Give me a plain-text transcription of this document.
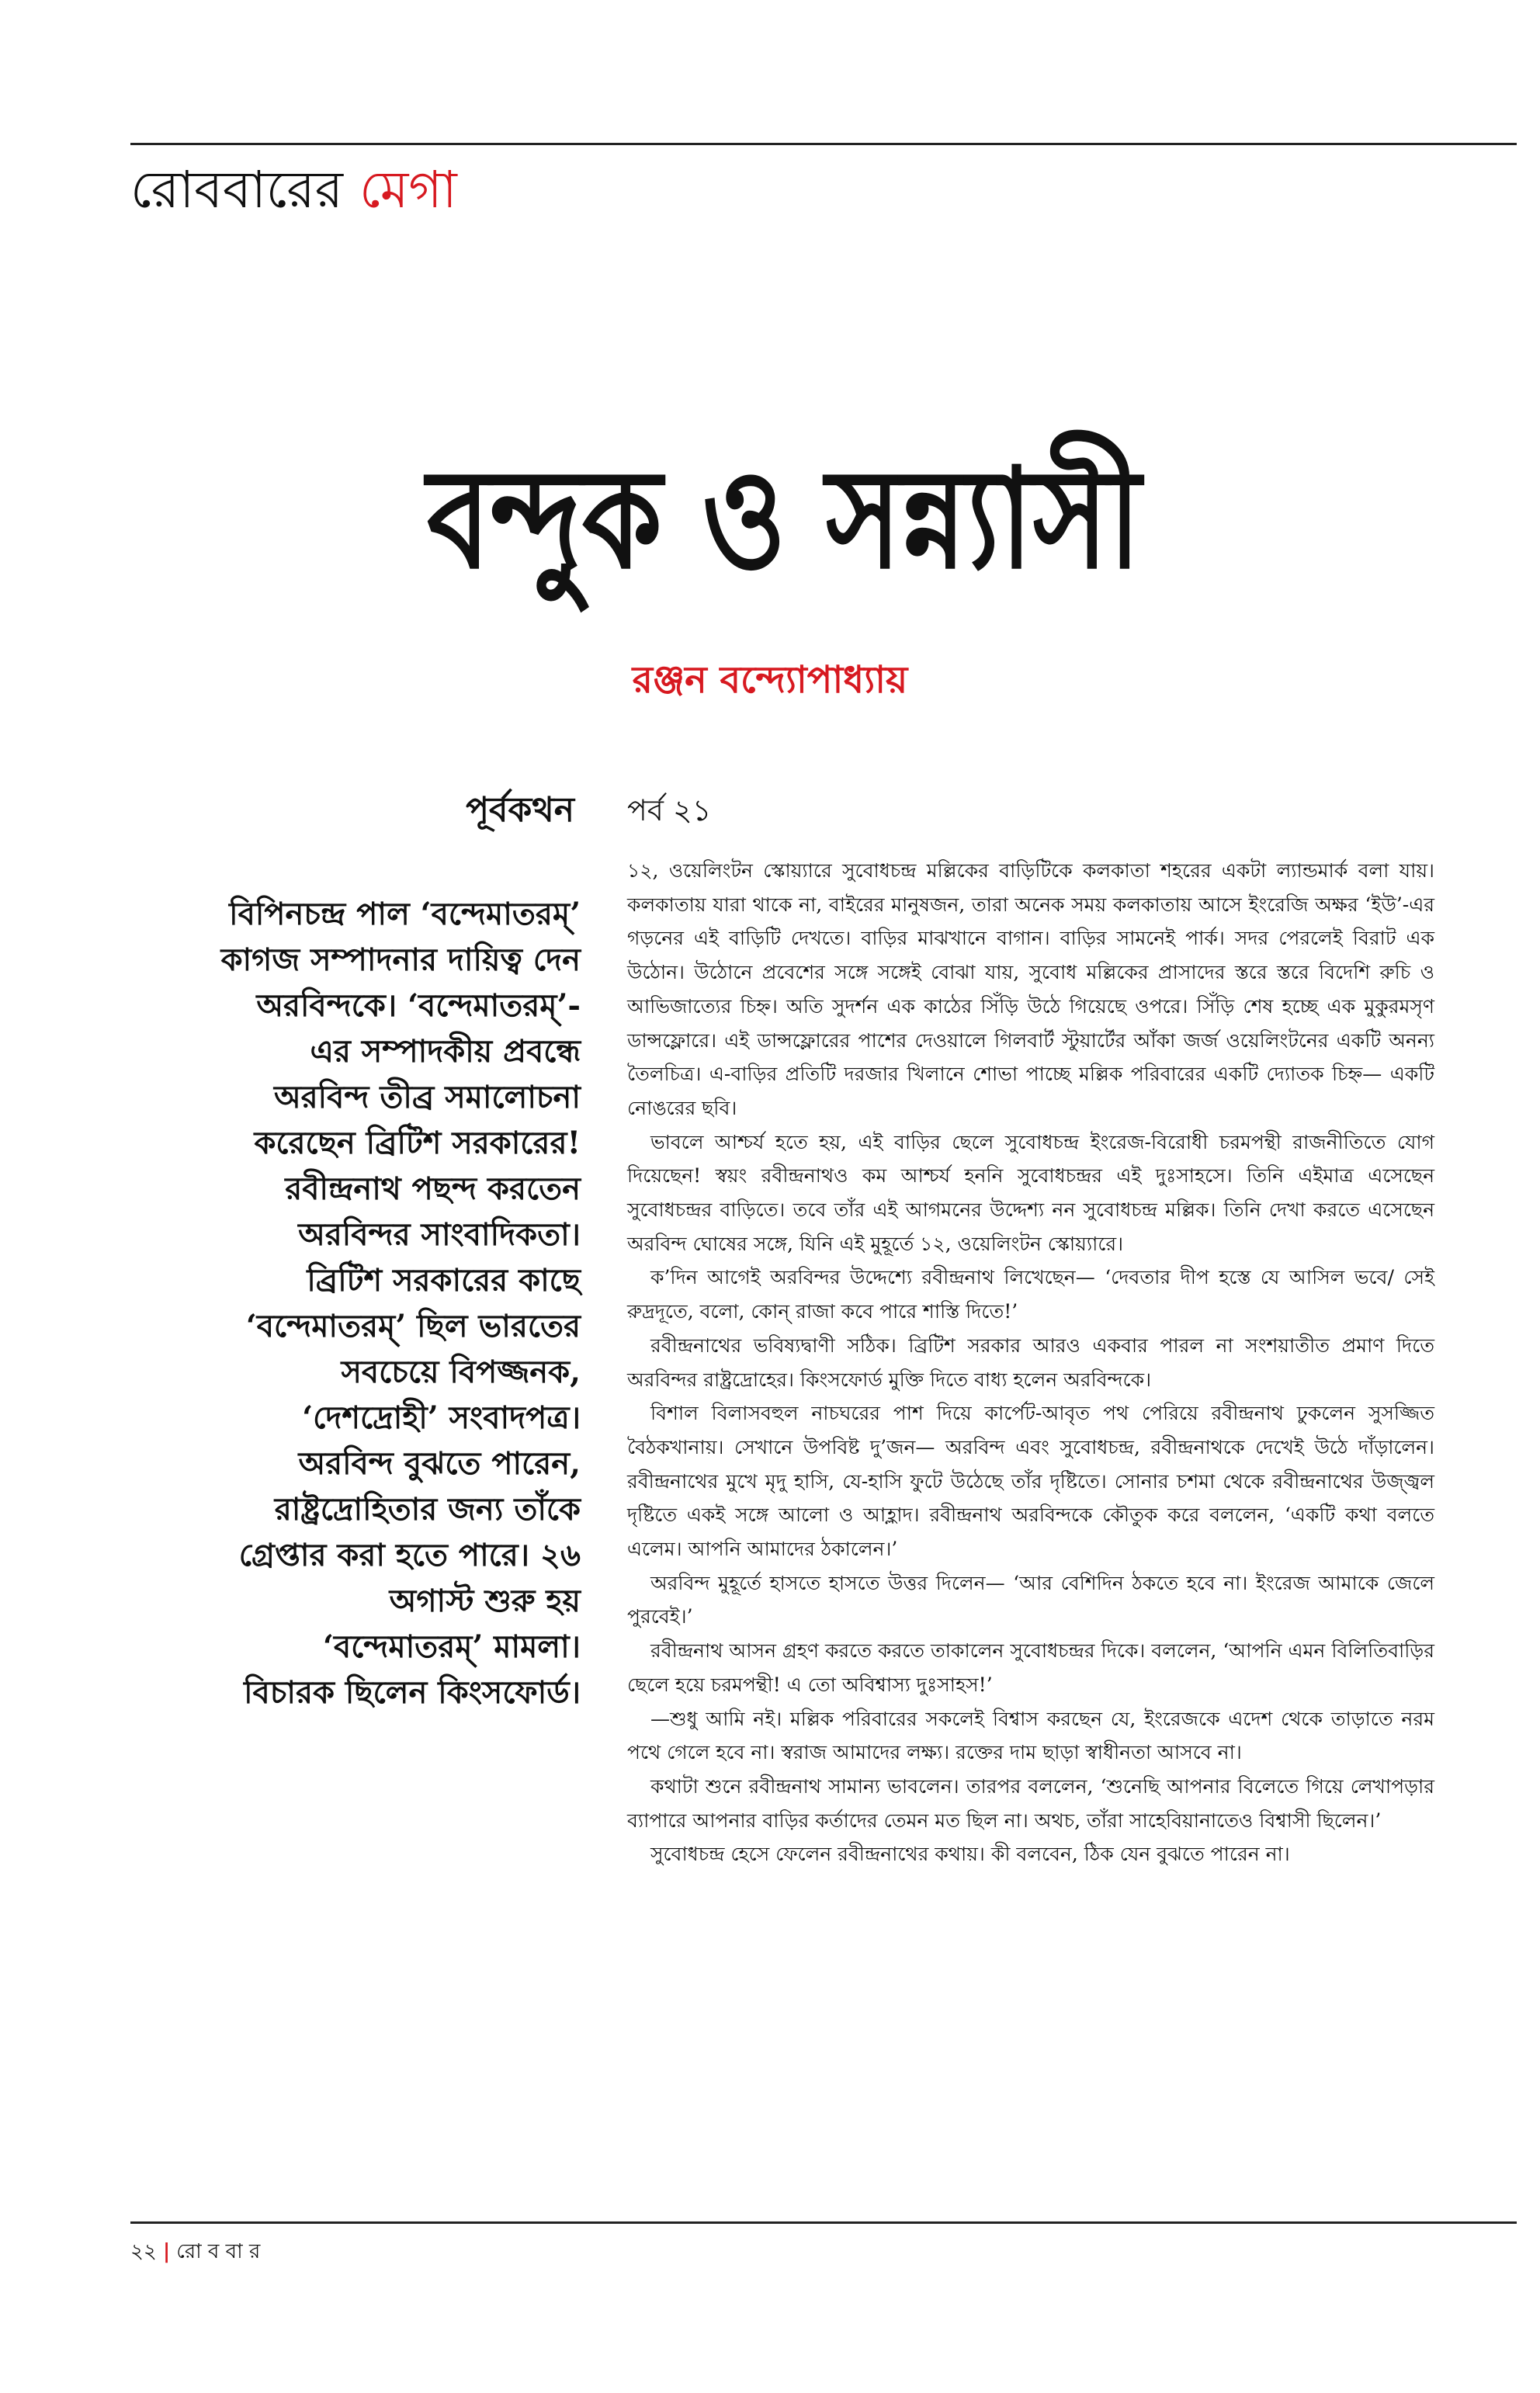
রোববারের মেগা
বন্দুক ও সন্ন্যাসী
রঞ্জন বন্দ্যোপাধ্যায়
পূর্বকথন পর্ব ২১
বিপিনচন্দ্র পাল ‘বন্দেমাতরম্’
কাগজ সম্পাদনার দায়িত্ব দেন
অরবিন্দকে। ‘বন্দেমাতরম্’-
এর সম্পাদকীয় প্রবন্ধে
অরবিন্দ তীব্র সমালোচনা
করেছেন ব্রিটিশ সরকারের!
রবীন্দ্রনাথ পছন্দ করতেন
অরবিন্দর সাংবাদিকতা।
ব্রিটিশ সরকারের কাছে
‘বন্দেমাতরম্’ ছিল ভারতের
সবচেয়ে বিপজ্জনক,
‘দেশদ্রোহী’ সংবাদপত্র।
অরবিন্দ বুঝতে পারেন,
রাষ্ট্রদ্রোহিতার জন্য তাঁকে
গ্রেপ্তার করা হতে পারে। ২৬
অগাস্ট শুরু হয়
‘বন্দেমাতরম্’ মামলা।
বিচারক ছিলেন কিংসফোর্ড।

১২, ওয়েলিংটন স্কোয়্যারে সুবোধচন্দ্র মল্লিকের বাড়িটিকে কলকাতা শহরের একটা ল্যান্ডমার্ক বলা যায়। কলকাতায় যারা থাকে না, বাইরের মানুষজন, তারা অনেক সময় কলকাতায় আসে ইংরেজি অক্ষর ‘ইউ’-এর গড়নের এই বাড়িটি দেখতে। বাড়ির মাঝখানে বাগান। বাড়ির সামনেই পার্ক। সদর পেরলেই বিরাট এক উঠোন। উঠোনে প্রবেশের সঙ্গে সঙ্গেই বোঝা যায়, সুবোধ মল্লিকের প্রাসাদের স্তরে স্তরে বিদেশি রুচি ও আভিজাত্যের চিহ্ন। অতি সুদর্শন এক কাঠের সিঁড়ি উঠে গিয়েছে ওপরে। সিঁড়ি শেষ হচ্ছে এক মুকুরমসৃণ ডান্সফ্লোরে। এই ডান্সফ্লোরের পাশের দেওয়ালে গিলবার্ট স্টুয়ার্টের আঁকা জর্জ ওয়েলিংটনের একটি অনন্য তৈলচিত্র। এ-বাড়ির প্রতিটি দরজার খিলানে শোভা পাচ্ছে মল্লিক পরিবারের একটি দ্যোতক চিহ্ন— একটি নোঙরের ছবি।

ভাবলে আশ্চর্য হতে হয়, এই বাড়ির ছেলে সুবোধচন্দ্র ইংরেজ-বিরোধী চরমপন্থী রাজনীতিতে যোগ দিয়েছেন! স্বয়ং রবীন্দ্রনাথও কম আশ্চর্য হননি সুবোধচন্দ্রর এই দুঃসাহসে। তিনি এইমাত্র এসেছেন সুবোধচন্দ্রর বাড়িতে। তবে তাঁর এই আগমনের উদ্দেশ্য নন সুবোধচন্দ্র মল্লিক। তিনি দেখা করতে এসেছেন অরবিন্দ ঘোষের সঙ্গে, যিনি এই মুহূর্তে ১২, ওয়েলিংটন স্কোয়্যারে।

ক’দিন আগেই অরবিন্দর উদ্দেশ্যে রবীন্দ্রনাথ লিখেছেন— ‘দেবতার দীপ হস্তে যে আসিল ভবে/ সেই রুদ্রদূতে, বলো, কোন্ রাজা কবে পারে শাস্তি দিতে!’

রবীন্দ্রনাথের ভবিষ্যদ্বাণী সঠিক। ব্রিটিশ সরকার আরও একবার পারল না সংশয়াতীত প্রমাণ দিতে অরবিন্দর রাষ্ট্রদ্রোহের। কিংসফোর্ড মুক্তি দিতে বাধ্য হলেন অরবিন্দকে।

বিশাল বিলাসবহুল নাচঘরের পাশ দিয়ে কার্পেট-আবৃত পথ পেরিয়ে রবীন্দ্রনাথ ঢুকলেন সুসজ্জিত বৈঠকখানায়। সেখানে উপবিষ্ট দু’জন— অরবিন্দ এবং সুবোধচন্দ্র, রবীন্দ্রনাথকে দেখেই উঠে দাঁড়ালেন। রবীন্দ্রনাথের মুখে মৃদু হাসি, যে-হাসি ফুটে উঠেছে তাঁর দৃষ্টিতে। সোনার চশমা থেকে রবীন্দ্রনাথের উজ্জ্বল দৃষ্টিতে একই সঙ্গে আলো ও আহ্লাদ। রবীন্দ্রনাথ অরবিন্দকে কৌতুক করে বললেন, ‘একটি কথা বলতে এলেম। আপনি আমাদের ঠকালেন।’

অরবিন্দ মুহূর্তে হাসতে হাসতে উত্তর দিলেন— ‘আর বেশিদিন ঠকতে হবে না। ইংরেজ আমাকে জেলে পুরবেই।’

রবীন্দ্রনাথ আসন গ্রহণ করতে করতে তাকালেন সুবোধচন্দ্রর দিকে। বললেন, ‘আপনি এমন বিলিতিবাড়ির ছেলে হয়ে চরমপন্থী! এ তো অবিশ্বাস্য দুঃসাহস!’

—শুধু আমি নই। মল্লিক পরিবারের সকলেই বিশ্বাস করছেন যে, ইংরেজকে এদেশ থেকে তাড়াতে নরম পথে গেলে হবে না। স্বরাজ আমাদের লক্ষ্য। রক্তের দাম ছাড়া স্বাধীনতা আসবে না।

কথাটা শুনে রবীন্দ্রনাথ সামান্য ভাবলেন। তারপর বললেন, ‘শুনেছি আপনার বিলেতে গিয়ে লেখাপড়ার ব্যাপারে আপনার বাড়ির কর্তাদের তেমন মত ছিল না। অথচ, তাঁরা সাহেবিয়ানাতেও বিশ্বাসী ছিলেন।’

সুবোধচন্দ্র হেসে ফেলেন রবীন্দ্রনাথের কথায়। কী বলবেন, ঠিক যেন বুঝতে পারেন না।

২২ | রো ব বা র
